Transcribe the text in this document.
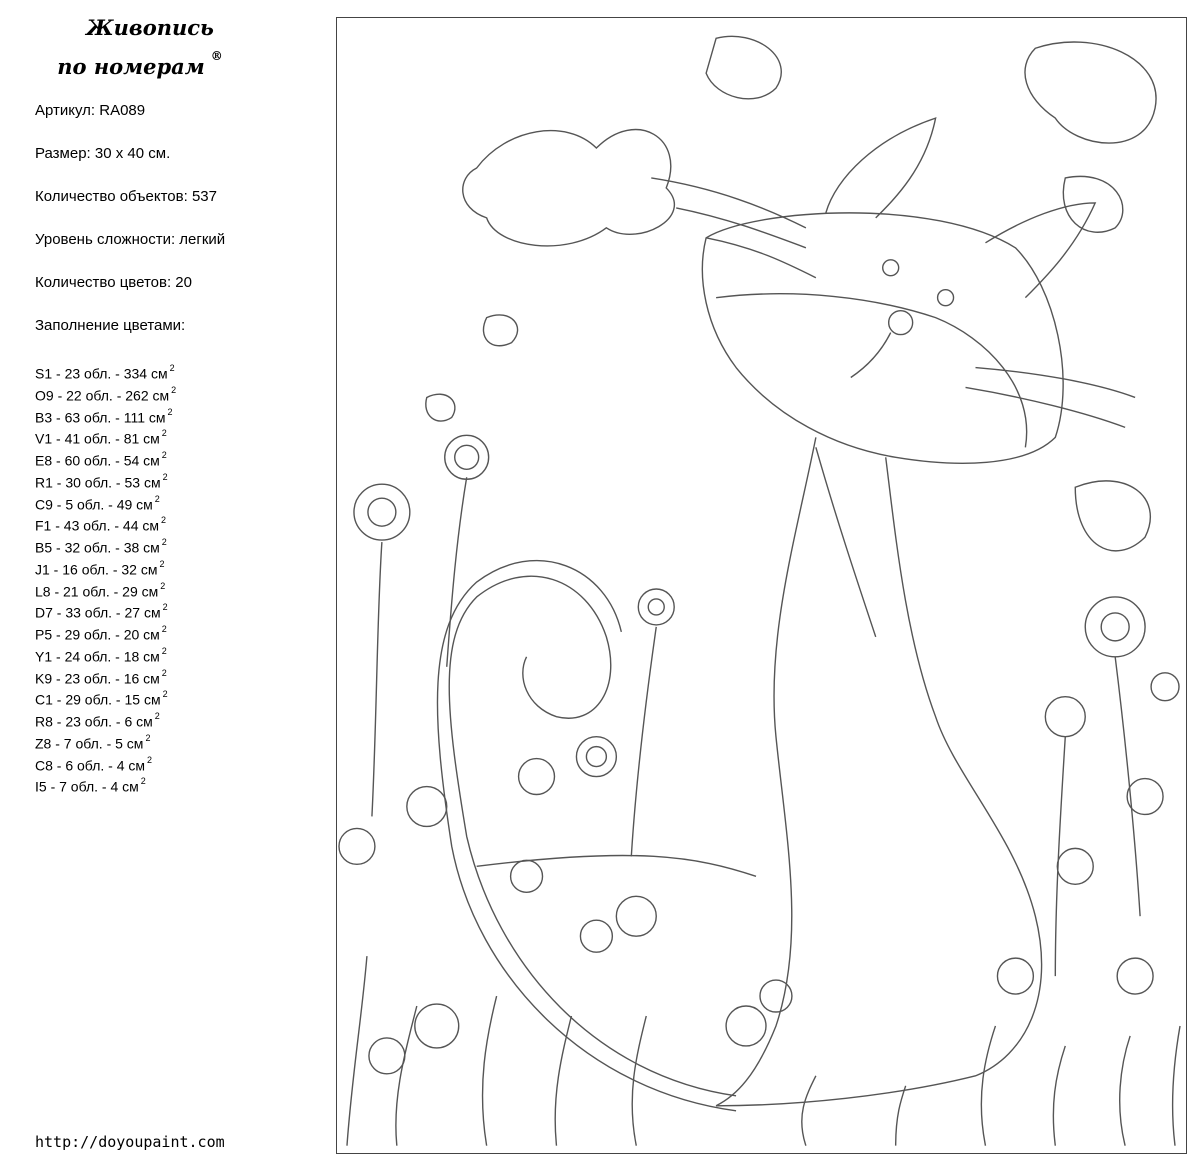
Живопись
по номерам ®

Артикул: RA089

Размер: 30 x 40 см.

Количество объектов: 537

Уровень сложности: легкий

Количество цветов: 20

Заполнение цветами:

S1 - 23 обл. - 334 см $^2$
O9 - 22 обл. - 262 см $^2$
B3 - 63 обл. - 111 см $^2$
V1 - 41 обл. - 81 см $^2$
E8 - 60 обл. - 54 см $^2$
R1 - 30 обл. - 53 см $^2$
C9 - 5 обл. - 49 см $^2$
F1 - 43 обл. - 44 см $^2$
B5 - 32 обл. - 38 см $^2$
J1 - 16 обл. - 32 см $^2$
L8 - 21 обл. - 29 см $^2$
D7 - 33 обл. - 27 см $^2$
P5 - 29 обл. - 20 см $^2$
Y1 - 24 обл. - 18 см $^2$
K9 - 23 обл. - 16 см $^2$
C1 - 29 обл. - 15 см $^2$
R8 - 23 обл. - 6 см $^2$
Z8 - 7 обл. - 5 см $^2$
C8 - 6 обл. - 4 см $^2$
I5 - 7 обл. - 4 см $^2$
http://doyoupaint.com
